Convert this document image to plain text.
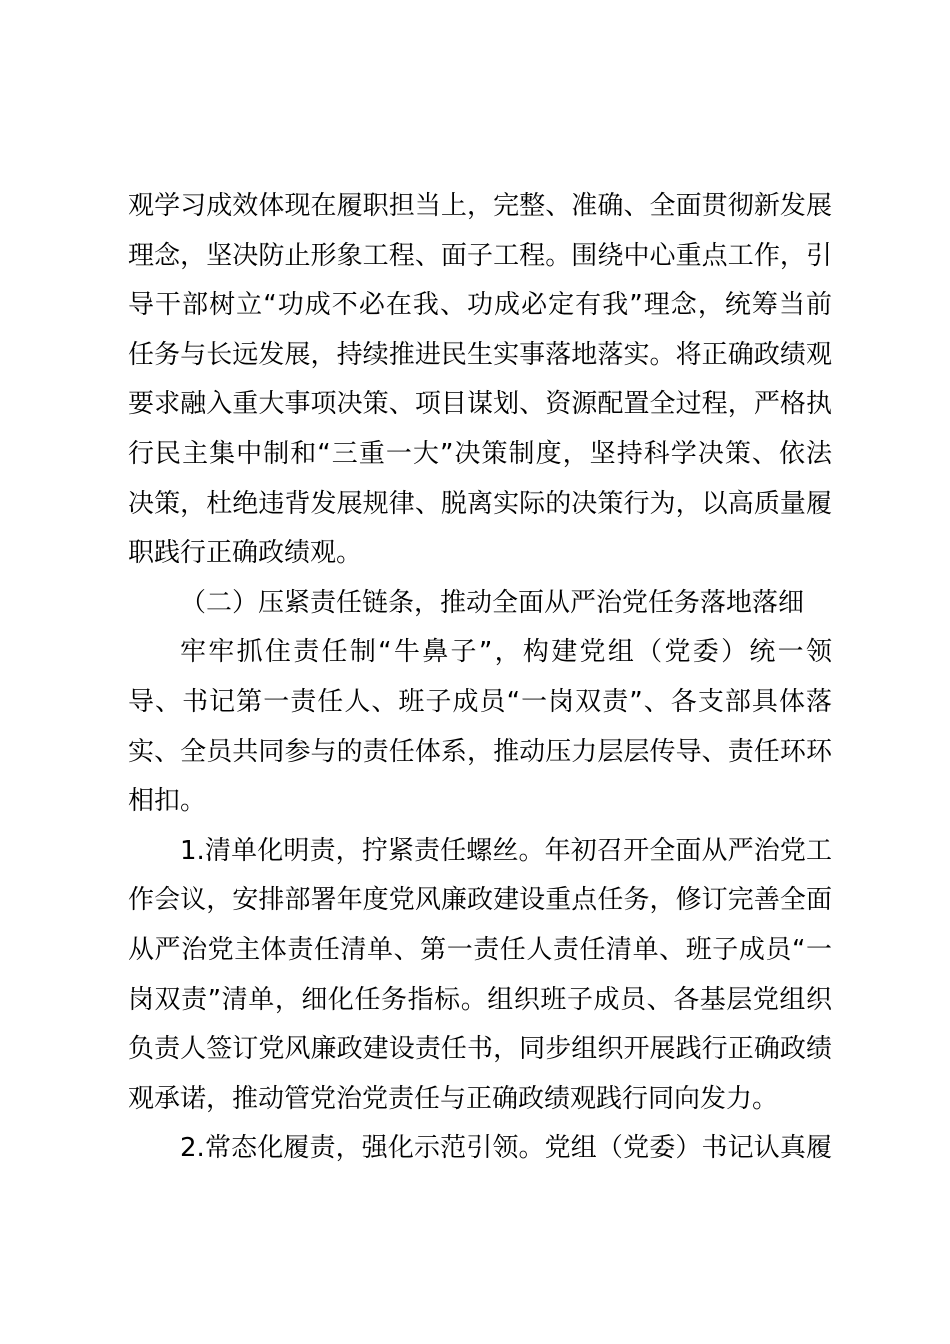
观学习成效体现在履职担当上，完整、准确、全面贯彻新发展
理念，坚决防止形象工程、面子工程。围绕中心重点工作，引
导干部树立“功成不必在我、功成必定有我”理念，统筹当前
任务与长远发展，持续推进民生实事落地落实。将正确政绩观
要求融入重大事项决策、项目谋划、资源配置全过程，严格执
行民主集中制和“三重一大”决策制度，坚持科学决策、依法
决策，杜绝违背发展规律、脱离实际的决策行为，以高质量履
职践行正确政绩观。
（二）压紧责任链条，推动全面从严治党任务落地落细
牢牢抓住责任制“牛鼻子”，构建党组（党委）统一领
导、书记第一责任人、班子成员“一岗双责”、各支部具体落
实、全员共同参与的责任体系，推动压力层层传导、责任环环
相扣。
1.清单化明责，拧紧责任螺丝。年初召开全面从严治党工
作会议，安排部署年度党风廉政建设重点任务，修订完善全面
从严治党主体责任清单、第一责任人责任清单、班子成员“一
岗双责”清单，细化任务指标。组织班子成员、各基层党组织
负责人签订党风廉政建设责任书，同步组织开展践行正确政绩
观承诺，推动管党治党责任与正确政绩观践行同向发力。
2.常态化履责，强化示范引领。党组（党委）书记认真履
